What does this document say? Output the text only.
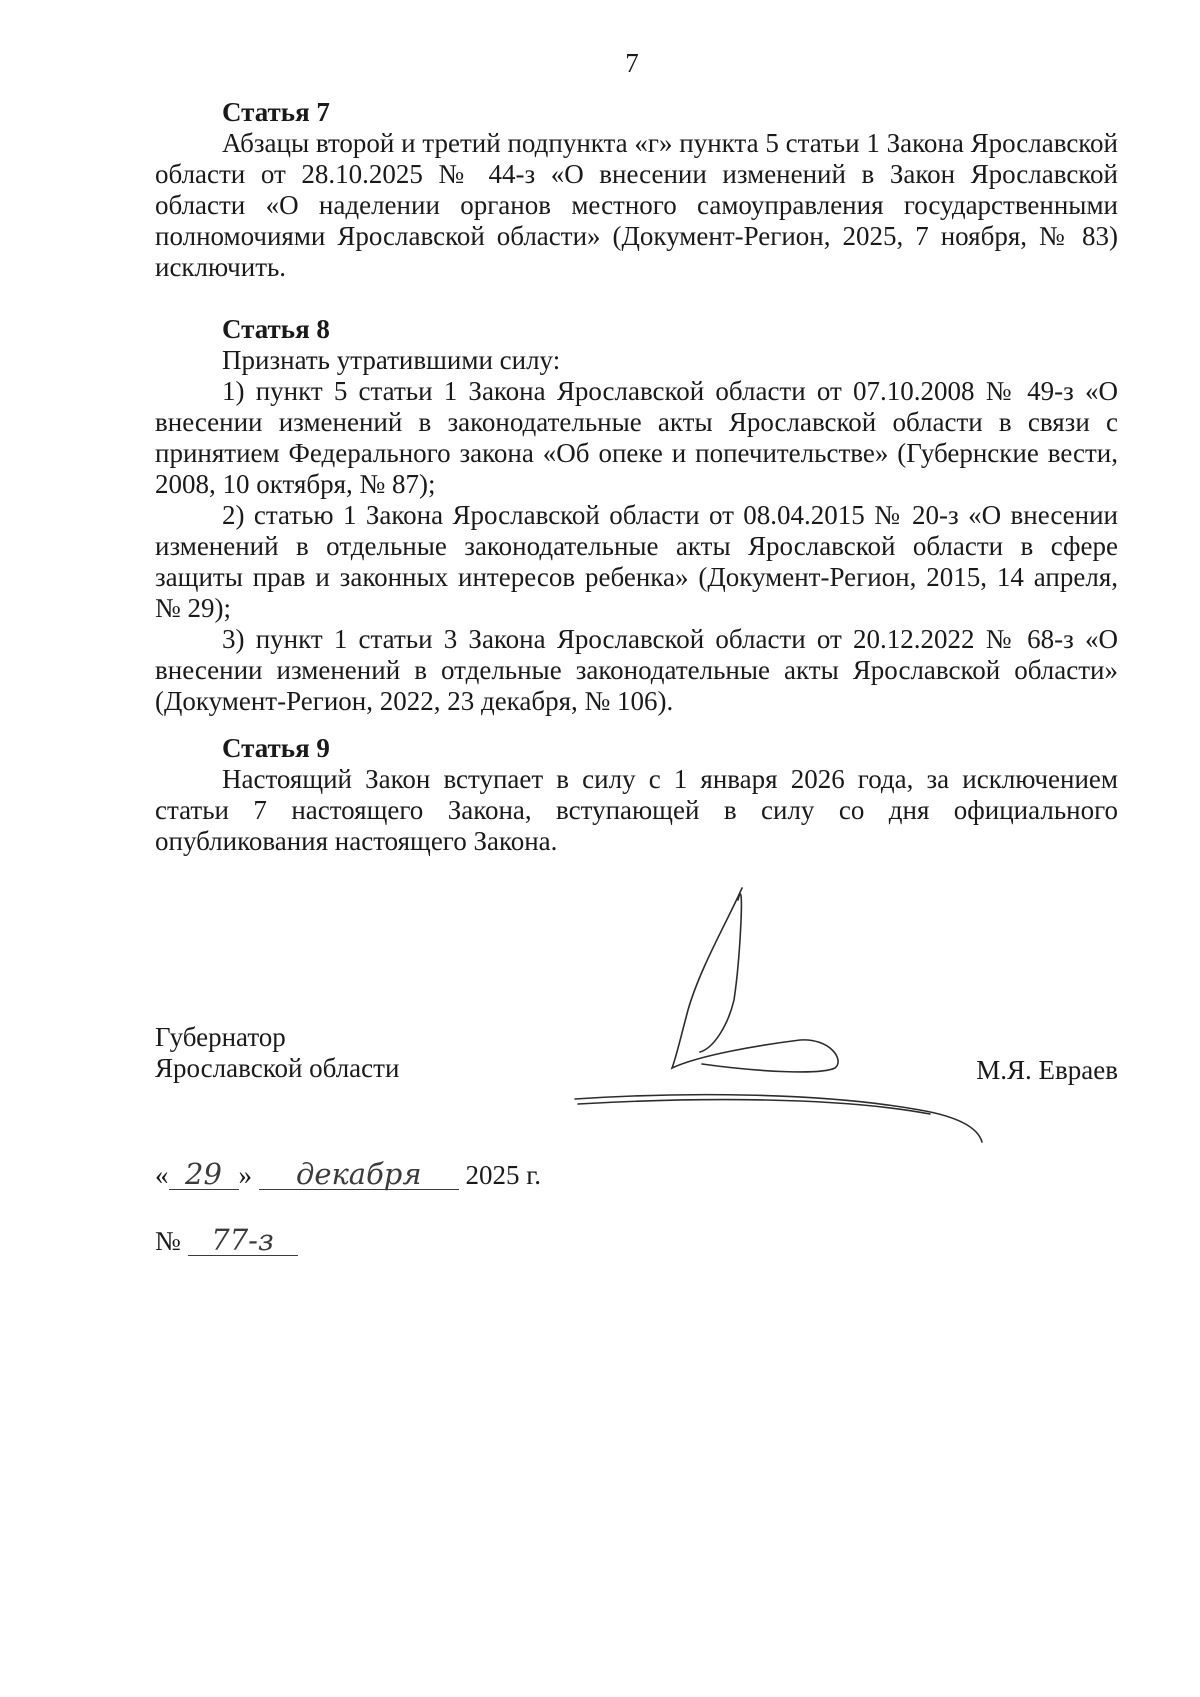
7

Статья 7

Абзацы второй и третий подпункта «г» пункта 5 статьи 1 Закона Ярославской области от 28.10.2025 № 44-з «О внесении изменений в Закон Ярославской области «О наделении органов местного самоуправления государственными полномочиями Ярославской области» (Документ-Регион, 2025, 7 ноября, № 83) исключить.

Статья 8

Признать утратившими силу:

1) пункт 5 статьи 1 Закона Ярославской области от 07.10.2008 № 49-з «О внесении изменений в законодательные акты Ярославской области в связи с принятием Федерального закона «Об опеке и попечительстве» (Губернские вести, 2008, 10 октября, № 87);

2) статью 1 Закона Ярославской области от 08.04.2015 № 20-з «О внесении изменений в отдельные законодательные акты Ярославской области в сфере защиты прав и законных интересов ребенка» (Документ-Регион, 2015, 14 апреля, № 29);

3) пункт 1 статьи 3 Закона Ярославской области от 20.12.2022 № 68-з «О внесении изменений в отдельные законодательные акты Ярославской области» (Документ-Регион, 2022, 23 декабря, № 106).

Статья 9

Настоящий Закон вступает в силу с 1 января 2026 года, за исключением статьи 7 настоящего Закона, вступающей в силу со дня официального опубликования настоящего Закона.

Губернатор
Ярославской области	М.Я. Евраев
« 29 » декабря 2025 г.
№ 77-з
